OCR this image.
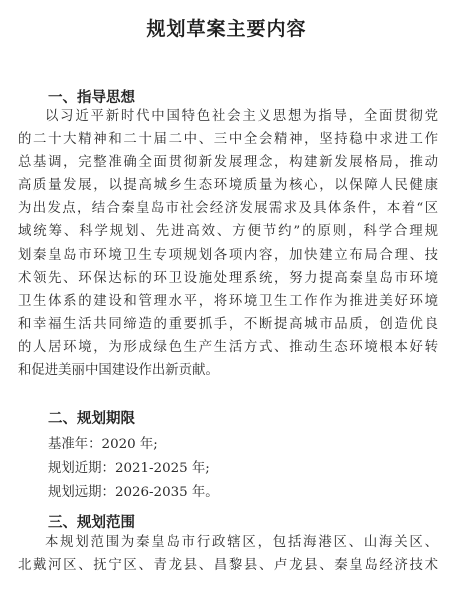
规划草案主要内容
一、指导思想

以习近平新时代中国特色社会主义思想为指导，全面贯彻党
的二十大精神和二十届二中、三中全会精神，坚持稳中求进工作
总基调，完整准确全面贯彻新发展理念，构建新发展格局，推动
高质量发展，以提高城乡生态环境质量为核心，以保障人民健康
为出发点，结合秦皇岛市社会经济发展需求及具体条件，本着“区
域统筹、科学规划、先进高效、方便节约”的原则，科学合理规
划秦皇岛市环境卫生专项规划各项内容，加快建立布局合理、技
术领先、环保达标的环卫设施处理系统，努力提高秦皇岛市环境
卫生体系的建设和管理水平，将环境卫生工作作为推进美好环境
和幸福生活共同缔造的重要抓手，不断提高城市品质，创造优良
的人居环境，为形成绿色生产生活方式、推动生态环境根本好转
和促进美丽中国建设作出新贡献。

二、规划期限
基准年：2020 年;
规划近期：2021-2025 年;
规划远期：2026-2035 年。
三、规划范围

本规划范围为秦皇岛市行政辖区，包括海港区、山海关区、
北戴河区、抚宁区、青龙县、昌黎县、卢龙县、秦皇岛经济技术
